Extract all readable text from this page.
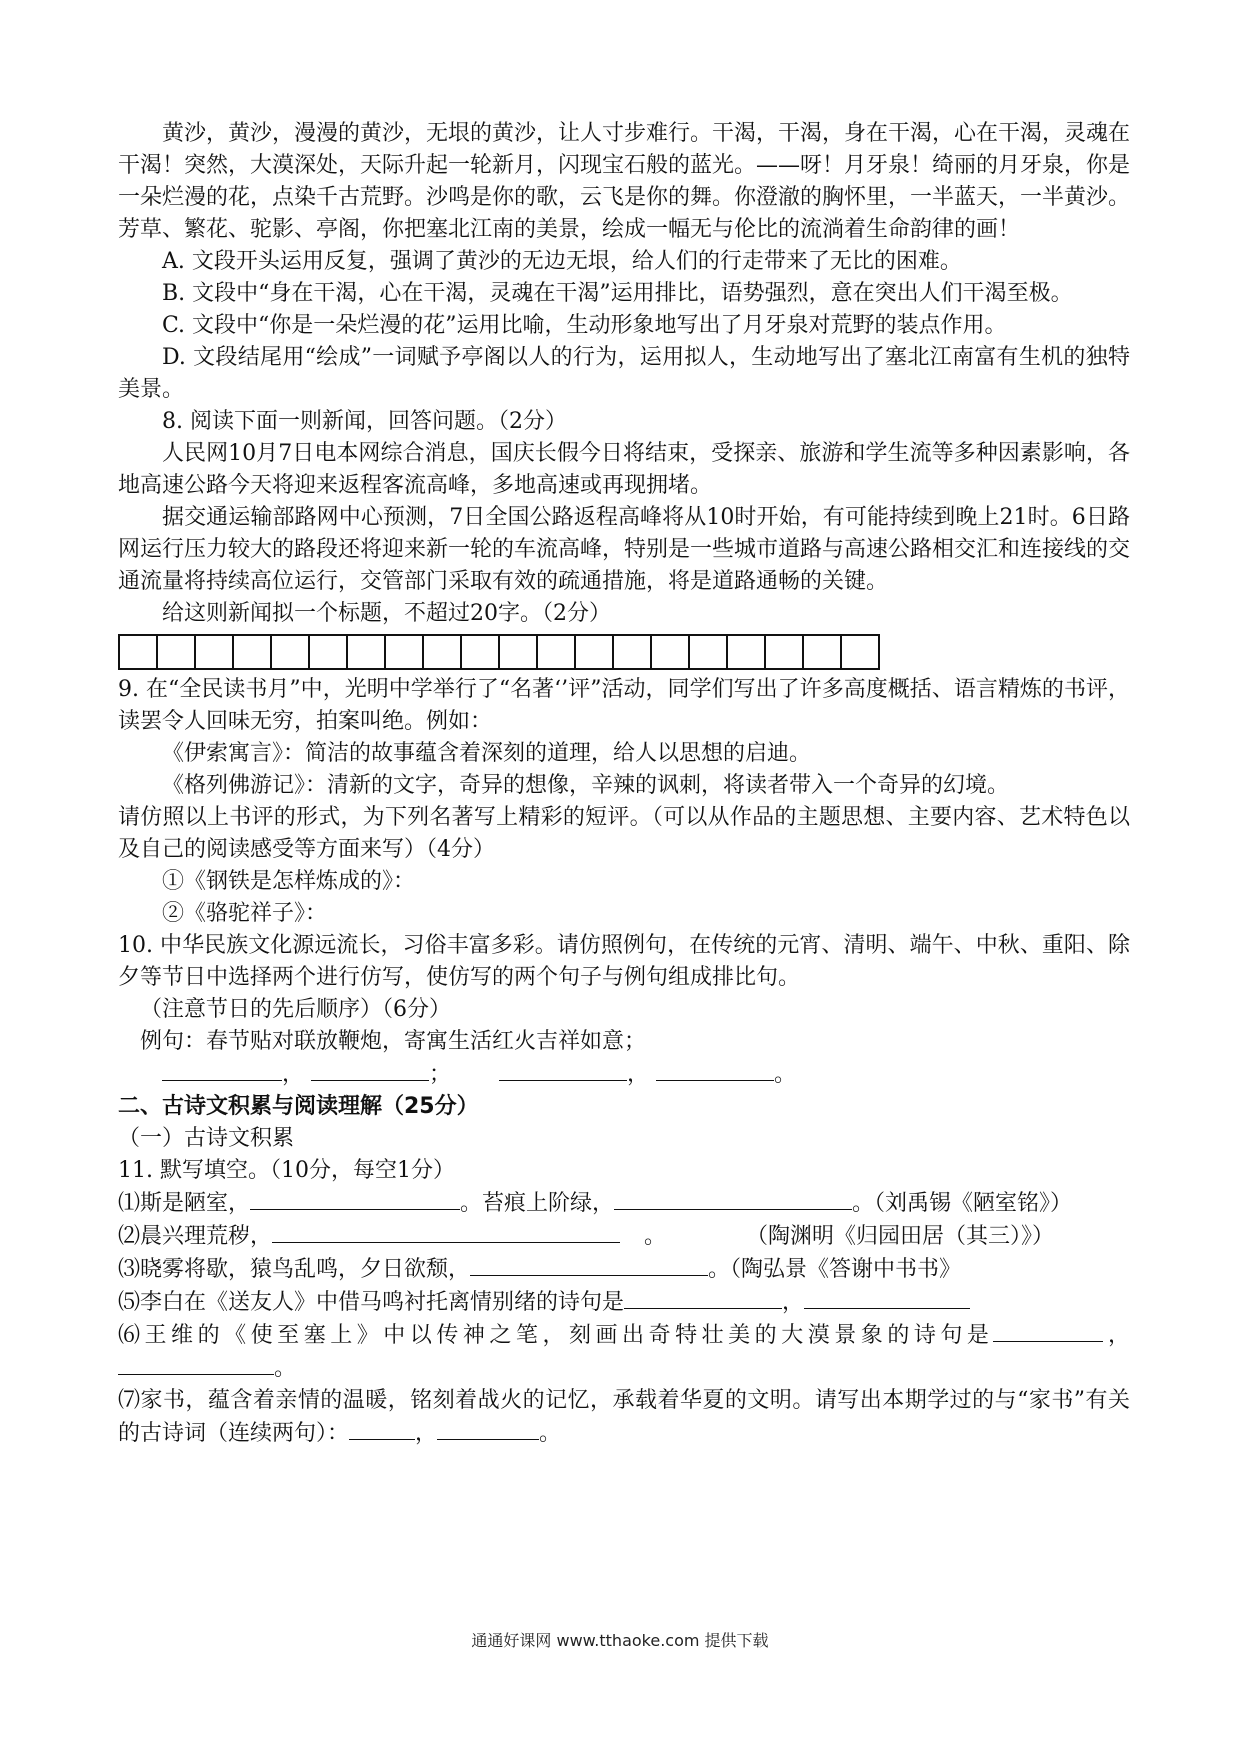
黄沙，黄沙，漫漫的黄沙，无垠的黄沙，让人寸步难行。干渴，干渴，身在干渴，心在干渴，灵魂在干渴！突然，大漠深处，天际升起一轮新月，闪现宝石般的蓝光。——呀！月牙泉！绮丽的月牙泉，你是一朵烂漫的花，点染千古荒野。沙鸣是你的歌，云飞是你的舞。你澄澈的胸怀里，一半蓝天，一半黄沙。芳草、繁花、驼影、亭阁，你把塞北江南的美景，绘成一幅无与伦比的流淌着生命韵律的画！

A. 文段开头运用反复，强调了黄沙的无边无垠，给人们的行走带来了无比的困难。

B. 文段中“身在干渴，心在干渴，灵魂在干渴”运用排比，语势强烈，意在突出人们干渴至极。

C. 文段中“你是一朵烂漫的花”运用比喻，生动形象地写出了月牙泉对荒野的装点作用。

D. 文段结尾用“绘成”一词赋予亭阁以人的行为，运用拟人，生动地写出了塞北江南富有生机的独特美景。

8. 阅读下面一则新闻，回答问题。（2分）

人民网10月7日电本网综合消息，国庆长假今日将结束，受探亲、旅游和学生流等多种因素影响，各地高速公路今天将迎来返程客流高峰，多地高速或再现拥堵。

据交通运输部路网中心预测，7日全国公路返程高峰将从10时开始，有可能持续到晚上21时。6日路网运行压力较大的路段还将迎来新一轮的车流高峰，特别是一些城市道路与高速公路相交汇和连接线的交通流量将持续高位运行，交管部门采取有效的疏通措施，将是道路通畅的关键。

给这则新闻拟一个标题，不超过20字。（2分）

9. 在“全民读书月”中，光明中学举行了“名著‘’评”活动，同学们写出了许多高度概括、语言精炼的书评，读罢令人回味无穷，拍案叫绝。例如：

《伊索寓言》：简洁的故事蕴含着深刻的道理，给人以思想的启迪。

《格列佛游记》：清新的文字，奇异的想像，辛辣的讽刺，将读者带入一个奇异的幻境。

请仿照以上书评的形式，为下列名著写上精彩的短评。（可以从作品的主题思想、主要内容、艺术特色以及自己的阅读感受等方面来写）（4分）

①《钢铁是怎样炼成的》：

②《骆驼祥子》：

10. 中华民族文化源远流长，习俗丰富多彩。请仿照例句，在传统的元宵、清明、端午、中秋、重阳、除夕等节日中选择两个进行仿写，使仿写的两个句子与例句组成排比句。

（注意节日的先后顺序）（6分）

例句：春节贴对联放鞭炮，寄寓生活红火吉祥如意；

，	；	，	。

二、古诗文积累与阅读理解（25分）

（一）古诗文积累

11. 默写填空。（10分，每空1分）

⑴斯是陋室，	。苔痕上阶绿，	。（刘禹锡《陋室铭》）

⑵晨兴理荒秽，	。	（陶渊明《归园田居（其三）》）

⑶晓雾将歇，猿鸟乱鸣，夕日欲颓，	。（陶弘景《答谢中书书》

⑸李白在《送友人》中借马鸣衬托离情别绪的诗句是	，

⑹王维的《使至塞上》中以传神之笔，刻画出奇特壮美的大漠景象的诗句是	，。

⑺家书，蕴含着亲情的温暖，铭刻着战火的记忆，承载着华夏的文明。请写出本期学过的与“家书”有关的古诗词（连续两句）：	，	。

通通好课网 www.tthaoke.com 提供下载
